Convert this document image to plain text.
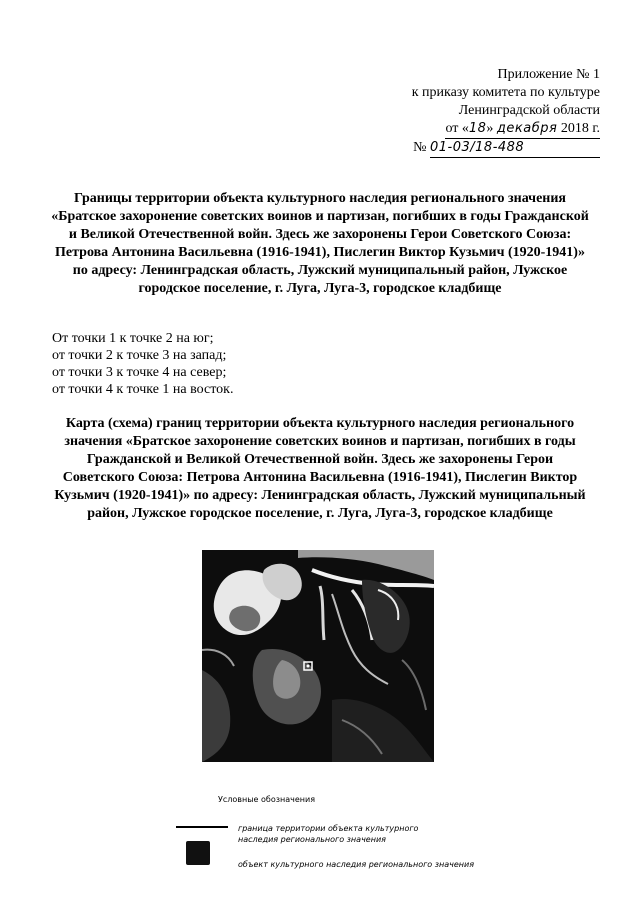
Приложение № 1
к приказу комитета по культуре
Ленинградской области
от «18» декабря 2018 г.
№ 01-03/18-488
Границы территории объекта культурного наследия регионального значения «Братское захоронение советских воинов и партизан, погибших в годы Гражданской и Великой Отечественной войн. Здесь же захоронены Герои Советского Союза: Петрова Антонина Васильевна (1916-1941), Пислегин Виктор Кузьмич (1920-1941)» по адресу: Ленинградская область, Лужский муниципальный район, Лужское городское поселение, г. Луга, Луга-3, городское кладбище
От точки 1 к точке 2 на юг;
от точки 2 к точке 3 на запад;
от точки 3 к точке 4 на север;
от точки 4 к точке 1 на восток.
Карта (схема) границ территории объекта культурного наследия регионального значения «Братское захоронение советских воинов и партизан, погибших в годы Гражданской и Великой Отечественной войн. Здесь же захоронены Герои Советского Союза: Петрова Антонина Васильевна (1916-1941), Пислегин Виктор Кузьмич (1920-1941)» по адресу: Ленинградская область, Лужский муниципальный район, Лужское городское поселение, г. Луга, Луга-3, городское кладбище
Условные обозначения
граница территории объекта культурного наследия регионального значения
объект культурного наследия регионального значения
